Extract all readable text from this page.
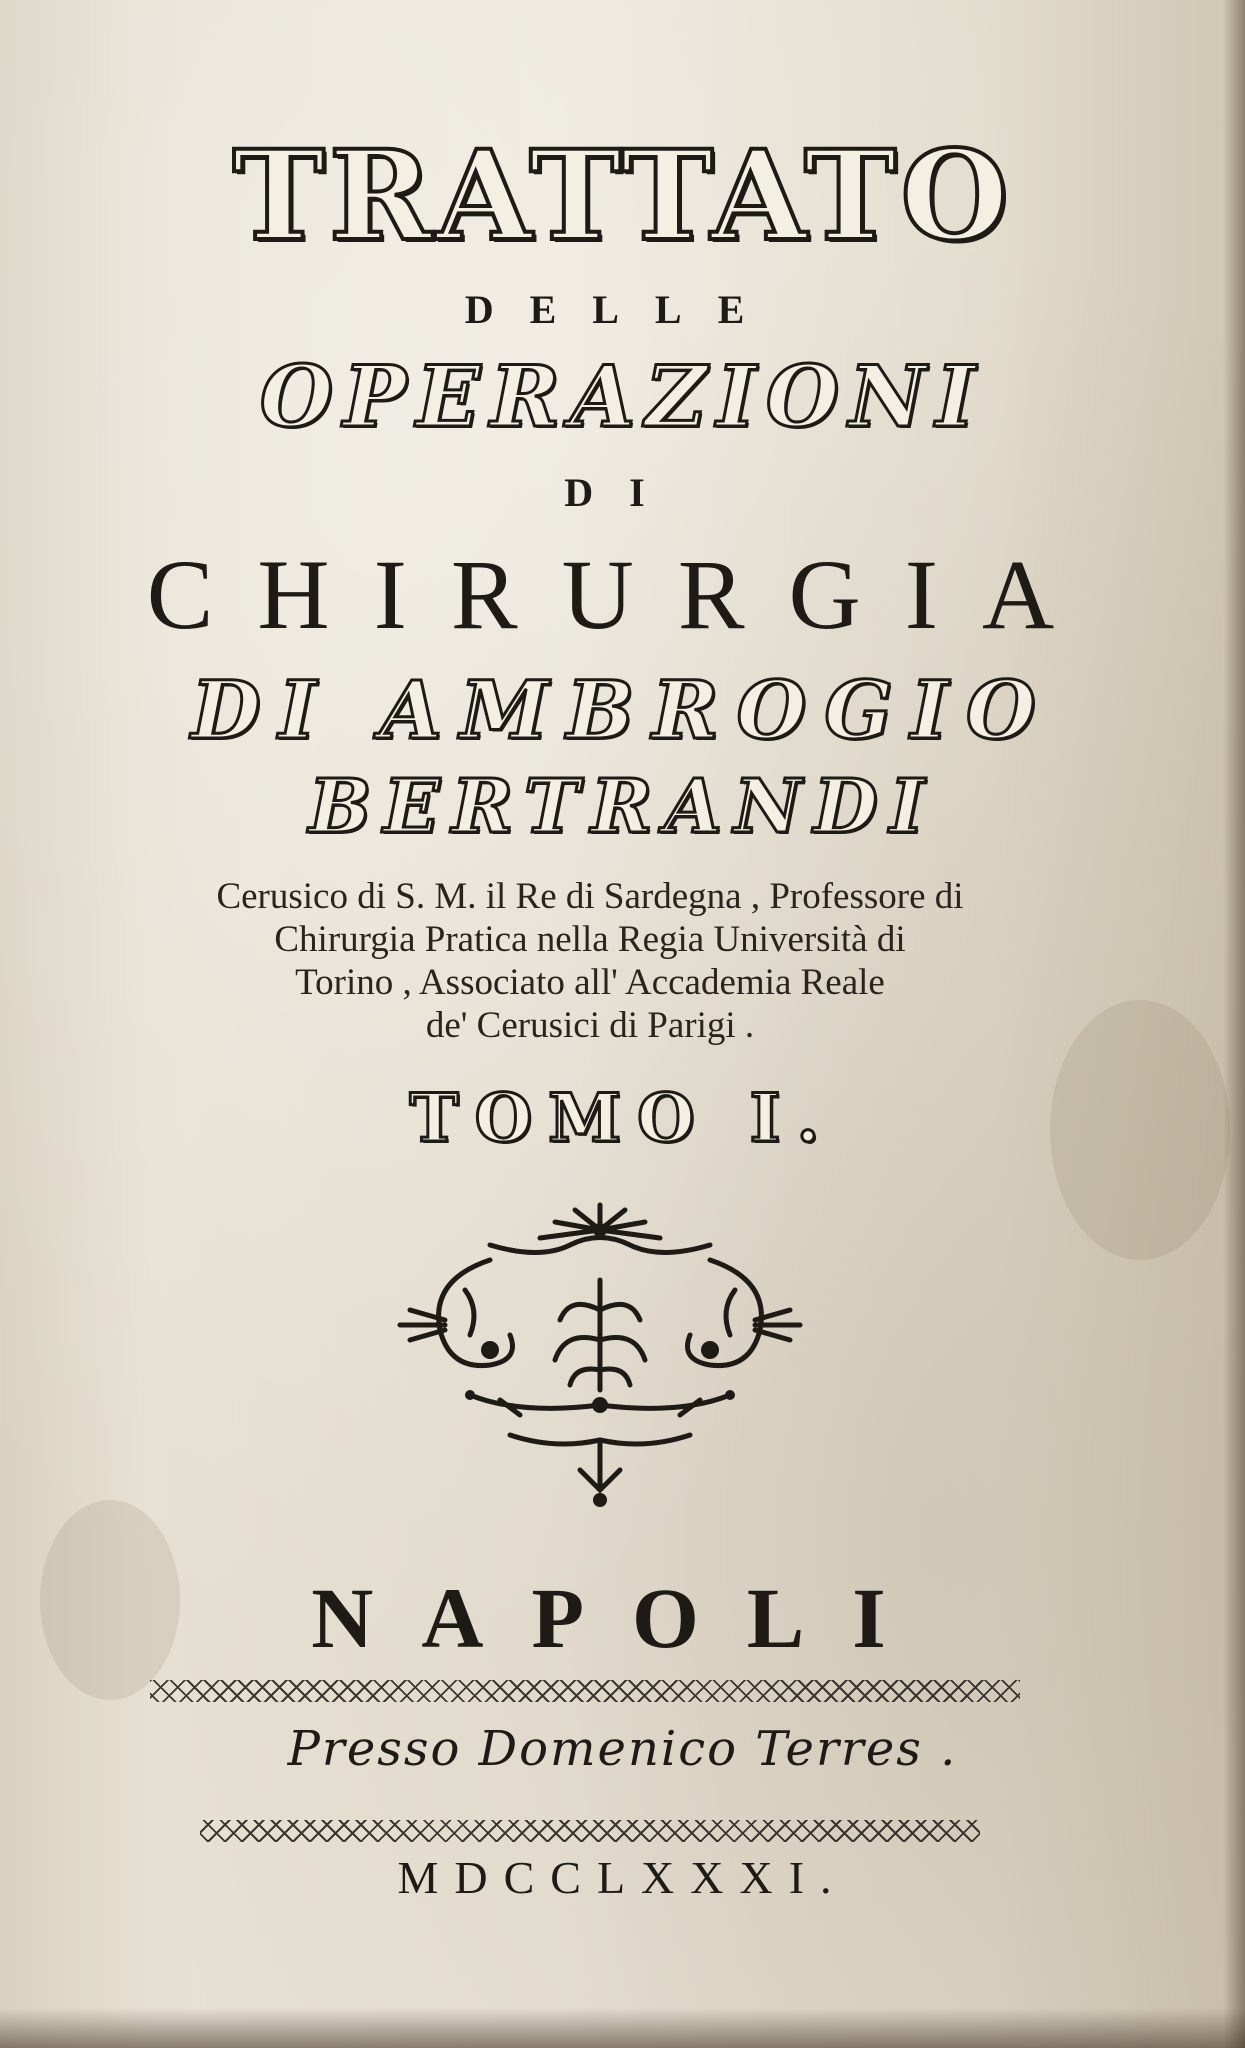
TRATTATO
DELLE
OPERAZIONI
DI
CHIRURGIA
DI AMBROGIO
BERTRANDI
Cerusico di S. M. il Re di Sardegna , Professore di
Chirurgia Pratica nella Regia Università di
Torino , Associato all' Accademia Reale
de' Cerusici di Parigi .
TOMO I.
NAPOLI
Presso Domenico Terres .
MDCCLXXXI.
